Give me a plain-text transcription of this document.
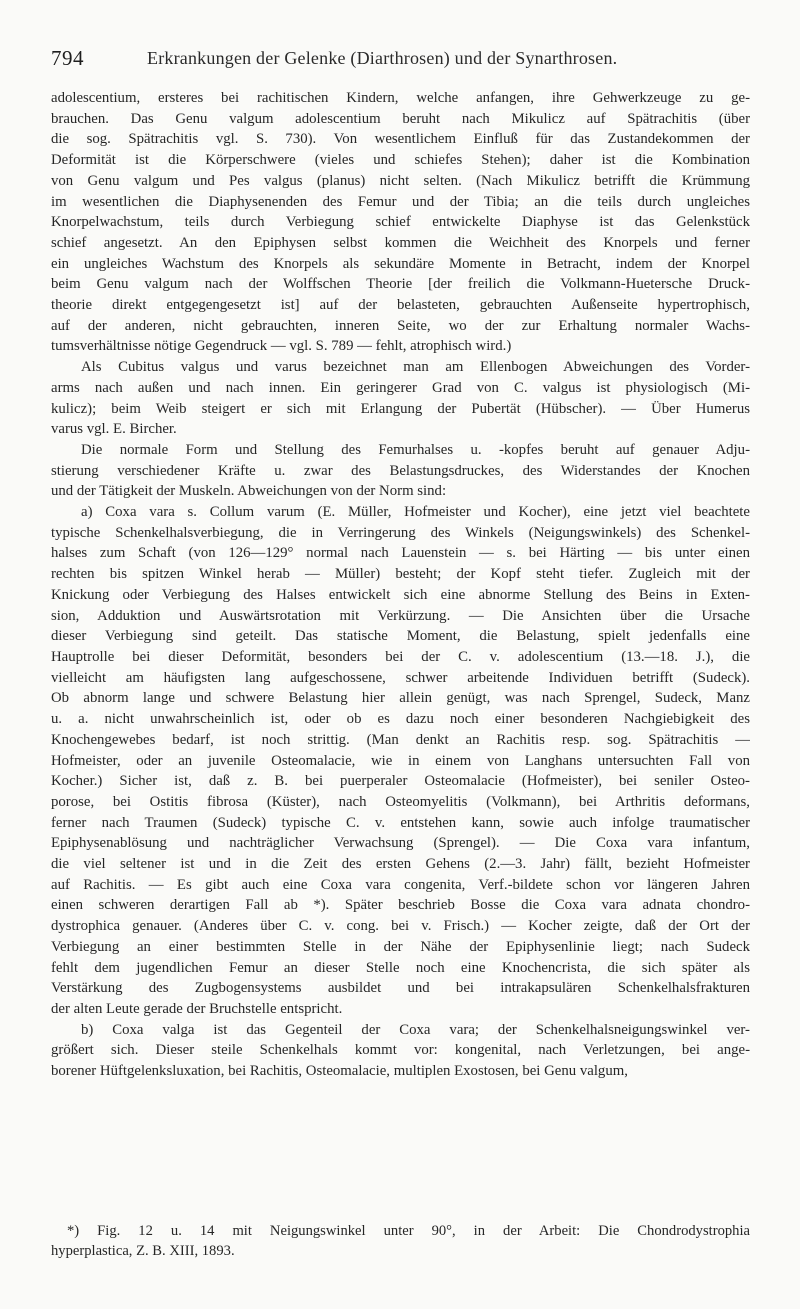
794	Erkrankungen der Gelenke (Diarthrosen) und der Synarthrosen.
adolescentium, ersteres bei rachitischen Kindern, welche anfangen, ihre Gehwerkzeuge zu ge-
brauchen. Das Genu valgum adolescentium beruht nach Mikulicz auf Spätrachitis (über
die sog. Spätrachitis vgl. S. 730). Von wesentlichem Einfluß für das Zustandekommen der
Deformität ist die Körperschwere (vieles und schiefes Stehen); daher ist die Kombination
von Genu valgum und Pes valgus (planus) nicht selten. (Nach Mikulicz betrifft die Krümmung
im wesentlichen die Diaphysenenden des Femur und der Tibia; an die teils durch ungleiches
Knorpelwachstum, teils durch Verbiegung schief entwickelte Diaphyse ist das Gelenkstück
schief angesetzt. An den Epiphysen selbst kommen die Weichheit des Knorpels und ferner
ein ungleiches Wachstum des Knorpels als sekundäre Momente in Betracht, indem der Knorpel
beim Genu valgum nach der Wolffschen Theorie [der freilich die Volkmann-Huetersche Druck-
theorie direkt entgegengesetzt ist] auf der belasteten, gebrauchten Außenseite hypertrophisch,
auf der anderen, nicht gebrauchten, inneren Seite, wo der zur Erhaltung normaler Wachs-
tumsverhältnisse nötige Gegendruck — vgl. S. 789 — fehlt, atrophisch wird.)
Als Cubitus valgus und varus bezeichnet man am Ellenbogen Abweichungen des Vorder-
arms nach außen und nach innen. Ein geringerer Grad von C. valgus ist physiologisch (Mi-
kulicz); beim Weib steigert er sich mit Erlangung der Pubertät (Hübscher). — Über Humerus
varus vgl. E. Bircher.
Die normale Form und Stellung des Femurhalses u. -kopfes beruht auf genauer Adju-
stierung verschiedener Kräfte u. zwar des Belastungsdruckes, des Widerstandes der Knochen
und der Tätigkeit der Muskeln. Abweichungen von der Norm sind:
a) Coxa vara s. Collum varum (E. Müller, Hofmeister und Kocher), eine jetzt viel beachtete
typische Schenkelhalsverbiegung, die in Verringerung des Winkels (Neigungswinkels) des Schenkel-
halses zum Schaft (von 126—129° normal nach Lauenstein — s. bei Härting — bis unter einen
rechten bis spitzen Winkel herab — Müller) besteht; der Kopf steht tiefer. Zugleich mit der
Knickung oder Verbiegung des Halses entwickelt sich eine abnorme Stellung des Beins in Exten-
sion, Adduktion und Auswärtsrotation mit Verkürzung. — Die Ansichten über die Ursache
dieser Verbiegung sind geteilt. Das statische Moment, die Belastung, spielt jedenfalls eine
Hauptrolle bei dieser Deformität, besonders bei der C. v. adolescentium (13.—18. J.), die
vielleicht am häufigsten lang aufgeschossene, schwer arbeitende Individuen betrifft (Sudeck).
Ob abnorm lange und schwere Belastung hier allein genügt, was nach Sprengel, Sudeck, Manz
u. a. nicht unwahrscheinlich ist, oder ob es dazu noch einer besonderen Nachgiebigkeit des
Knochengewebes bedarf, ist noch strittig. (Man denkt an Rachitis resp. sog. Spätrachitis —
Hofmeister, oder an juvenile Osteomalacie, wie in einem von Langhans untersuchten Fall von
Kocher.) Sicher ist, daß z. B. bei puerperaler Osteomalacie (Hofmeister), bei seniler Osteo-
porose, bei Ostitis fibrosa (Küster), nach Osteomyelitis (Volkmann), bei Arthritis deformans,
ferner nach Traumen (Sudeck) typische C. v. entstehen kann, sowie auch infolge traumatischer
Epiphysenablösung und nachträglicher Verwachsung (Sprengel). — Die Coxa vara infantum,
die viel seltener ist und in die Zeit des ersten Gehens (2.—3. Jahr) fällt, bezieht Hofmeister
auf Rachitis. — Es gibt auch eine Coxa vara congenita, Verf.-bildete schon vor längeren Jahren
einen schweren derartigen Fall ab *). Später beschrieb Bosse die Coxa vara adnata chondro-
dystrophica genauer. (Anderes über C. v. cong. bei v. Frisch.) — Kocher zeigte, daß der Ort der
Verbiegung an einer bestimmten Stelle in der Nähe der Epiphysenlinie liegt; nach Sudeck
fehlt dem jugendlichen Femur an dieser Stelle noch eine Knochencrista, die sich später als
Verstärkung des Zugbogensystems ausbildet und bei intrakapsulären Schenkelhalsfrakturen
der alten Leute gerade der Bruchstelle entspricht.
b) Coxa valga ist das Gegenteil der Coxa vara; der Schenkelhalsneigungswinkel ver-
größert sich. Dieser steile Schenkelhals kommt vor: kongenital, nach Verletzungen, bei ange-
borener Hüftgelenksluxation, bei Rachitis, Osteomalacie, multiplen Exostosen, bei Genu valgum,
*) Fig. 12 u. 14 mit Neigungswinkel unter 90°, in der Arbeit: Die Chondrodystrophia
hyperplastica, Z. B. XIII, 1893.
